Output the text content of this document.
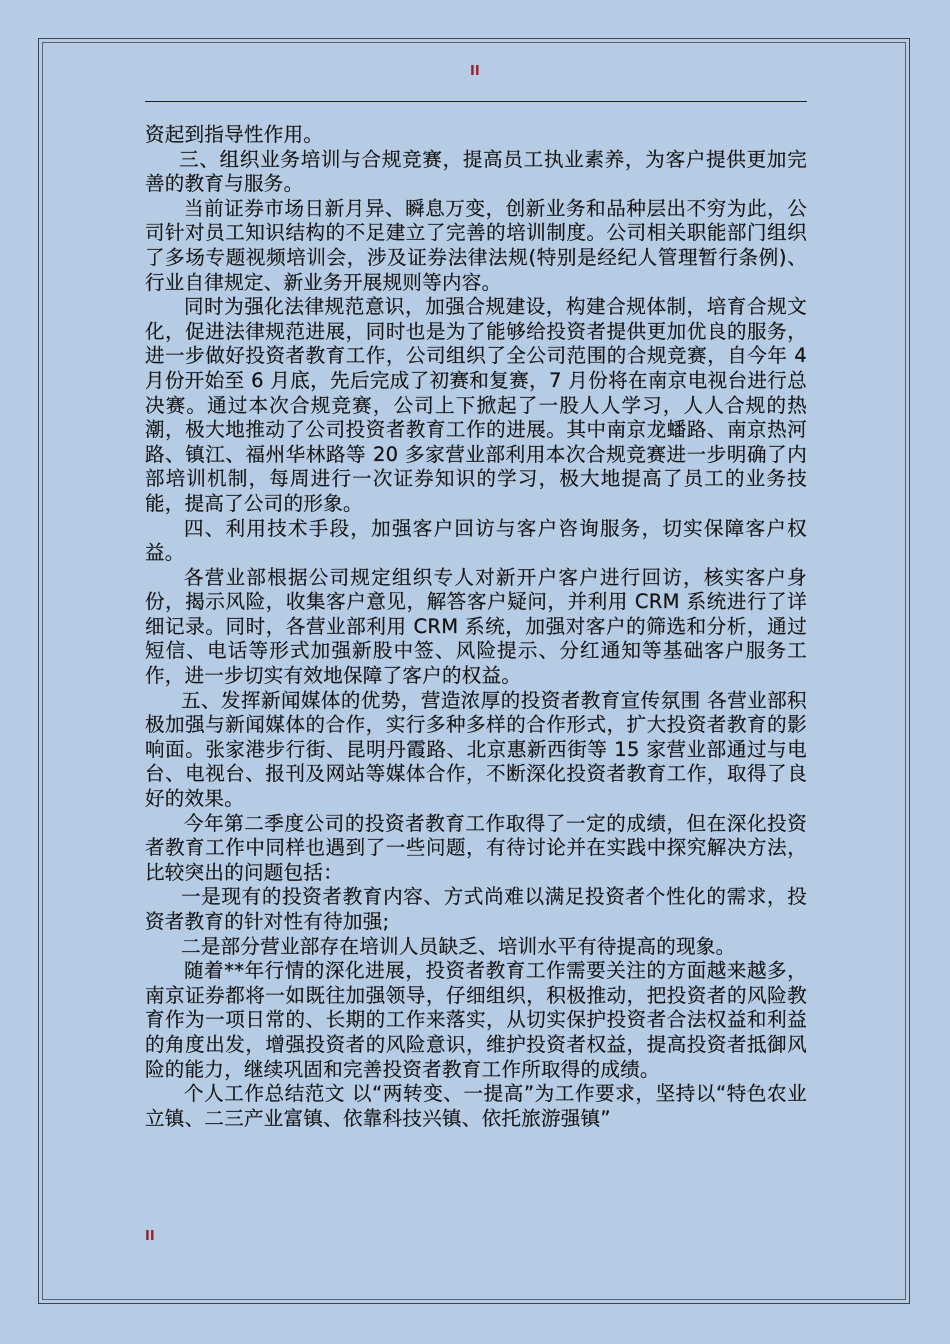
II

资起到指导性作用。

三、组织业务培训与合规竞赛，提高员工执业素养，为客户提供更加完善的教育与服务。

当前证券市场日新月异、瞬息万变，创新业务和品种层出不穷为此，公司针对员工知识结构的不足建立了完善的培训制度。公司相关职能部门组织了多场专题视频培训会，涉及证券法律法规(特别是经纪人管理暂行条例)、行业自律规定、新业务开展规则等内容。

同时为强化法律规范意识，加强合规建设，构建合规体制，培育合规文化，促进法律规范进展，同时也是为了能够给投资者提供更加优良的服务，进一步做好投资者教育工作，公司组织了全公司范围的合规竞赛，自今年 4 月份开始至 6 月底，先后完成了初赛和复赛，7 月份将在南京电视台进行总决赛。通过本次合规竞赛，公司上下掀起了一股人人学习，人人合规的热潮，极大地推动了公司投资者教育工作的进展。其中南京龙蟠路、南京热河路、镇江、福州华林路等 20 多家营业部利用本次合规竞赛进一步明确了内部培训机制，每周进行一次证券知识的学习，极大地提高了员工的业务技能，提高了公司的形象。

四、利用技术手段，加强客户回访与客户咨询服务，切实保障客户权益。

各营业部根据公司规定组织专人对新开户客户进行回访，核实客户身份，揭示风险，收集客户意见，解答客户疑问，并利用 CRM 系统进行了详细记录。同时，各营业部利用 CRM 系统，加强对客户的筛选和分析，通过短信、电话等形式加强新股中签、风险提示、分红通知等基础客户服务工作，进一步切实有效地保障了客户的权益。

五、发挥新闻媒体的优势，营造浓厚的投资者教育宣传氛围 各营业部积极加强与新闻媒体的合作，实行多种多样的合作形式，扩大投资者教育的影响面。张家港步行街、昆明丹霞路、北京惠新西街等 15 家营业部通过与电台、电视台、报刊及网站等媒体合作，不断深化投资者教育工作，取得了良好的效果。

今年第二季度公司的投资者教育工作取得了一定的成绩，但在深化投资者教育工作中同样也遇到了一些问题，有待讨论并在实践中探究解决方法，比较突出的问题包括：

一是现有的投资者教育内容、方式尚难以满足投资者个性化的需求，投资者教育的针对性有待加强;

二是部分营业部存在培训人员缺乏、培训水平有待提高的现象。

随着**年行情的深化进展，投资者教育工作需要关注的方面越来越多，南京证券都将一如既往加强领导，仔细组织，积极推动，把投资者的风险教育作为一项日常的、长期的工作来落实，从切实保护投资者合法权益和利益的角度出发，增强投资者的风险意识，维护投资者权益，提高投资者抵御风险的能力，继续巩固和完善投资者教育工作所取得的成绩。

个人工作总结范文 以“两转变、一提高”为工作要求，坚持以“特色农业立镇、二三产业富镇、依靠科技兴镇、依托旅游强镇”

II
